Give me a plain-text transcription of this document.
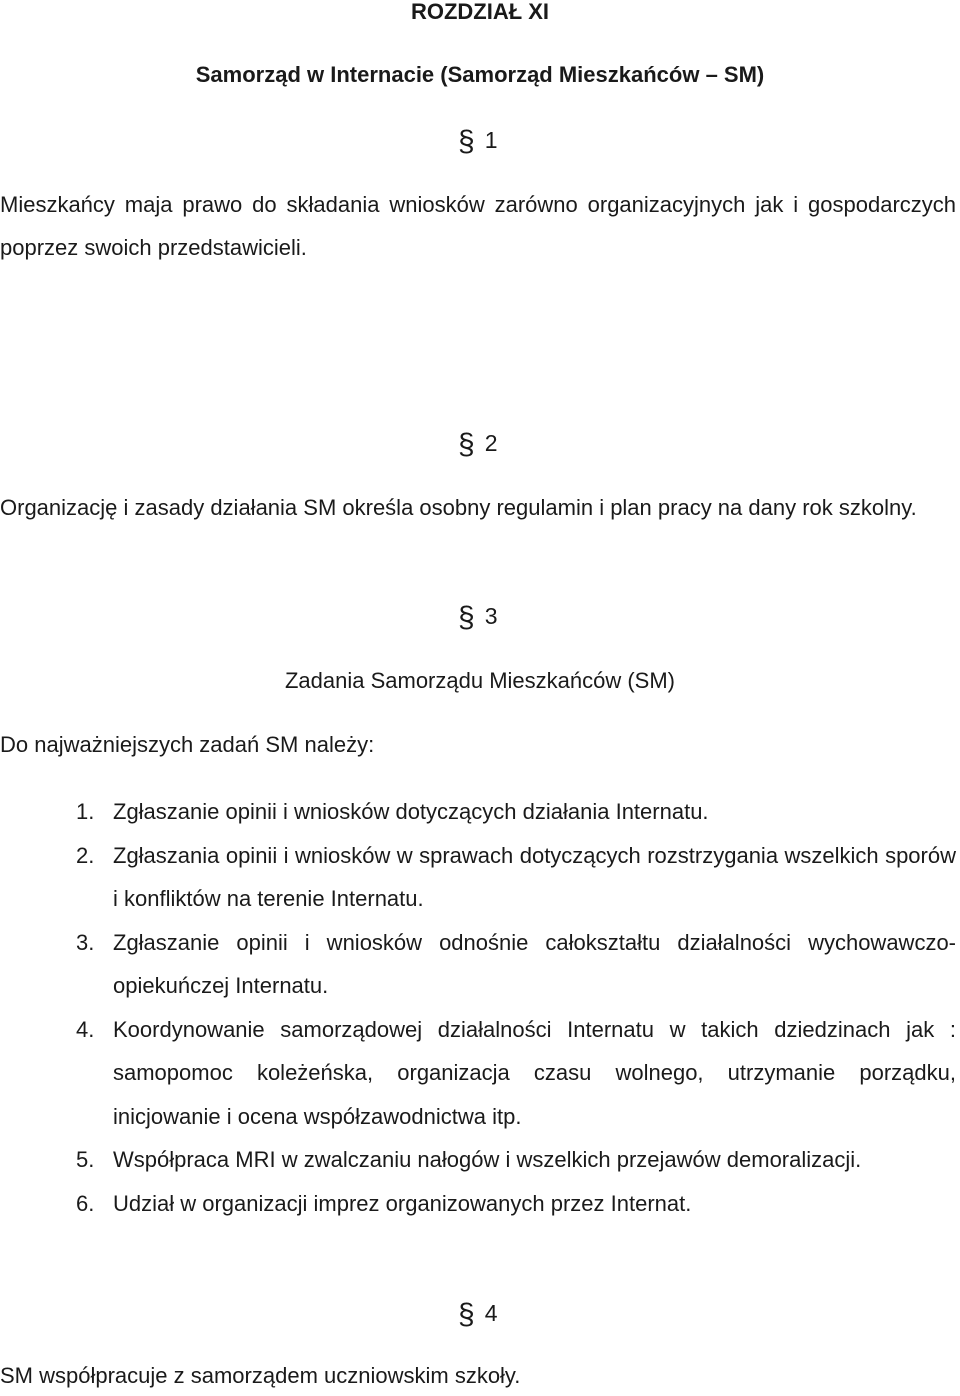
ROZDZIAŁ XI
Samorząd w Internacie (Samorząd Mieszkańców – SM)
§ 1

Mieszkańcy maja prawo do składania wniosków zarówno organizacyjnych jak i gospodarczych poprzez swoich przedstawicieli.

§ 2

Organizację i zasady działania SM określa osobny regulamin i plan pracy na dany rok szkolny.

§ 3

Zadania Samorządu Mieszkańców (SM)

Do najważniejszych zadań SM należy:

1. Zgłaszanie opinii i wniosków dotyczących działania Internatu.
2. Zgłaszania opinii i wniosków w sprawach dotyczących rozstrzygania wszelkich sporów i konfliktów na terenie Internatu.
3. Zgłaszanie opinii i wniosków odnośnie całokształtu działalności wychowawczo-opiekuńczej Internatu.
4. Koordynowanie samorządowej działalności Internatu w takich dziedzinach jak : samopomoc koleżeńska, organizacja czasu wolnego, utrzymanie porządku, inicjowanie i ocena współzawodnictwa itp.
5. Współpraca MRI w zwalczaniu nałogów i wszelkich przejawów demoralizacji.
6. Udział w organizacji imprez organizowanych przez Internat.
§ 4

SM współpracuje z samorządem uczniowskim szkoły.
